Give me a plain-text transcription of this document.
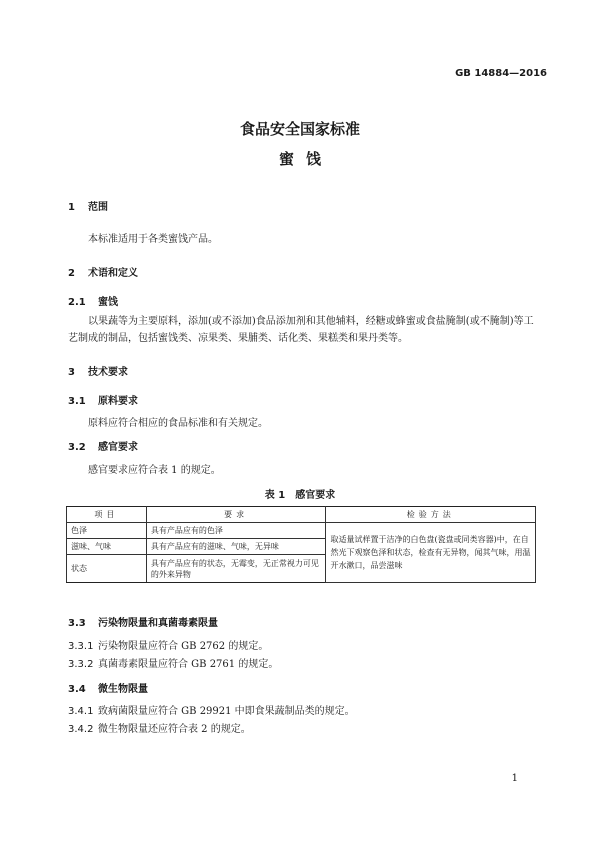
GB 14884—2016
食品安全国家标准
蜜饯
1 范围
本标准适用于各类蜜饯产品。
2 术语和定义
2.1 蜜饯
以果蔬等为主要原料，添加(或不添加)食品添加剂和其他辅料，经糖或蜂蜜或食盐腌制(或不腌制)等工艺制成的制品，包括蜜饯类、凉果类、果脯类、话化类、果糕类和果丹类等。
3 技术要求
3.1 原料要求
原料应符合相应的食品标准和有关规定。
3.2 感官要求
感官要求应符合表 1 的规定。
表 1　感官要求
项目	要求	检验方法
色泽	具有产品应有的色泽	取适量试样置于洁净的白色盘(瓷盘或同类容器)中，在自然光下观察色泽和状态，检查有无异物，闻其气味，用温开水漱口，品尝滋味
滋味、气味	具有产品应有的滋味、气味，无异味	
状态	具有产品应有的状态，无霉变，无正常视力可见的外来异物	
3.3 污染物限量和真菌毒素限量
3.3.1 污染物限量应符合 GB 2762 的规定。
3.3.2 真菌毒素限量应符合 GB 2761 的规定。
3.4 微生物限量
3.4.1 致病菌限量应符合 GB 29921 中即食果蔬制品类的规定。
3.4.2 微生物限量还应符合表 2 的规定。
1
